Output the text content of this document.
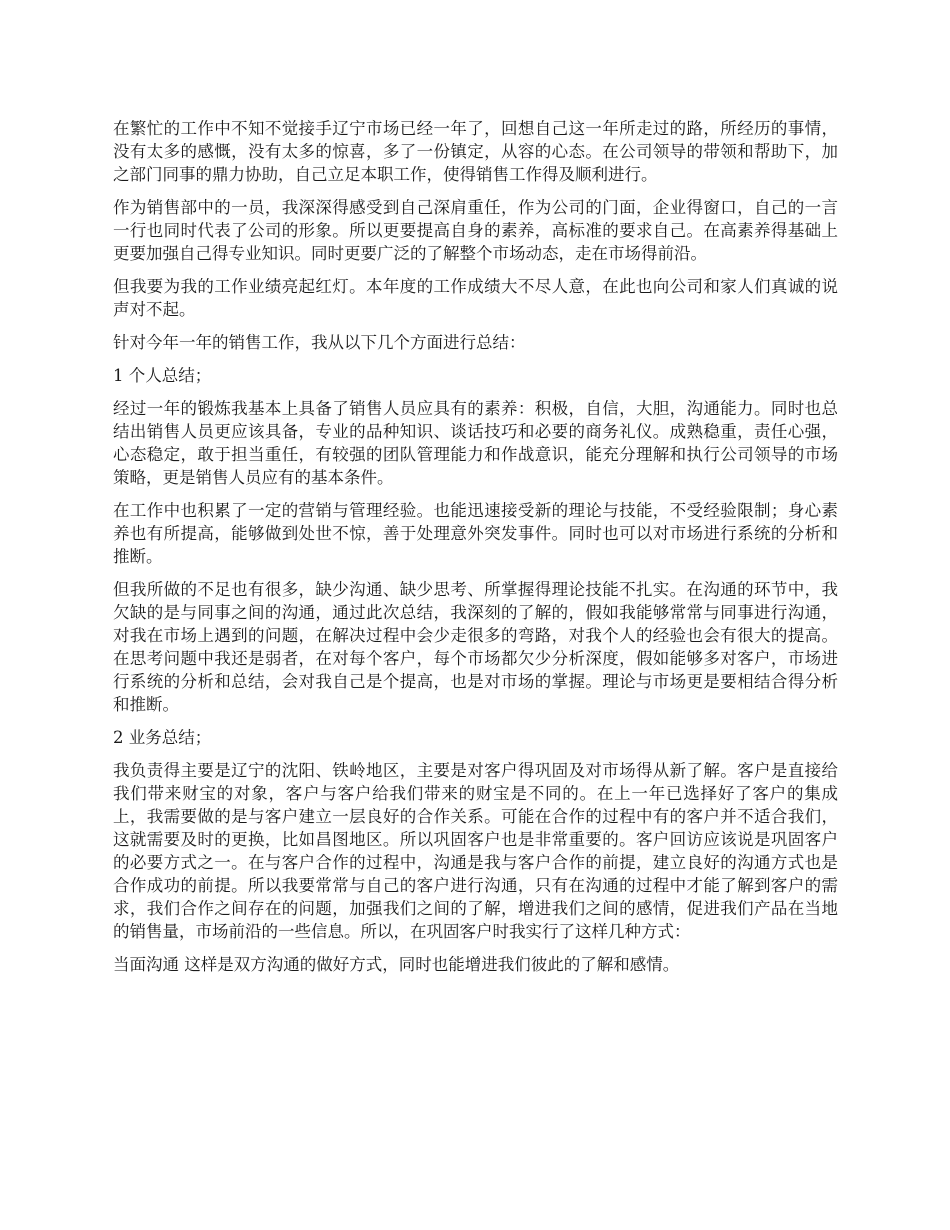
在繁忙的工作中不知不觉接手辽宁市场已经一年了，回想自己这一年所走过的路，所经历的事情，没有太多的感慨，没有太多的惊喜，多了一份镇定，从容的心态。在公司领导的带领和帮助下，加之部门同事的鼎力协助，自己立足本职工作，使得销售工作得及顺利进行。

作为销售部中的一员，我深深得感受到自己深肩重任，作为公司的门面，企业得窗口，自己的一言一行也同时代表了公司的形象。所以更要提高自身的素养，高标准的要求自己。在高素养得基础上更要加强自己得专业知识。同时更要广泛的了解整个市场动态，走在市场得前沿。

但我要为我的工作业绩亮起红灯。本年度的工作成绩大不尽人意，在此也向公司和家人们真诚的说声对不起。

针对今年一年的销售工作，我从以下几个方面进行总结：

1 个人总结；

经过一年的锻炼我基本上具备了销售人员应具有的素养：积极，自信，大胆，沟通能力。同时也总结出销售人员更应该具备，专业的品种知识、谈话技巧和必要的商务礼仪。成熟稳重，责任心强，心态稳定，敢于担当重任，有较强的团队管理能力和作战意识，能充分理解和执行公司领导的市场策略，更是销售人员应有的基本条件。

在工作中也积累了一定的营销与管理经验。也能迅速接受新的理论与技能，不受经验限制；身心素养也有所提高，能够做到处世不惊，善于处理意外突发事件。同时也可以对市场进行系统的分析和推断。

但我所做的不足也有很多，缺少沟通、缺少思考、所掌握得理论技能不扎实。在沟通的环节中，我欠缺的是与同事之间的沟通，通过此次总结，我深刻的了解的，假如我能够常常与同事进行沟通，对我在市场上遇到的问题，在解决过程中会少走很多的弯路，对我个人的经验也会有很大的提高。在思考问题中我还是弱者，在对每个客户，每个市场都欠少分析深度，假如能够多对客户，市场进行系统的分析和总结，会对我自己是个提高，也是对市场的掌握。理论与市场更是要相结合得分析和推断。

2 业务总结；

我负责得主要是辽宁的沈阳、铁岭地区，主要是对客户得巩固及对市场得从新了解。客户是直接给我们带来财宝的对象，客户与客户给我们带来的财宝是不同的。在上一年已选择好了客户的集成上，我需要做的是与客户建立一层良好的合作关系。可能在合作的过程中有的客户并不适合我们，这就需要及时的更换，比如昌图地区。所以巩固客户也是非常重要的。客户回访应该说是巩固客户的必要方式之一。在与客户合作的过程中，沟通是我与客户合作的前提，建立良好的沟通方式也是合作成功的前提。所以我要常常与自己的客户进行沟通，只有在沟通的过程中才能了解到客户的需求，我们合作之间存在的问题，加强我们之间的了解，增进我们之间的感情，促进我们产品在当地的销售量，市场前沿的一些信息。所以，在巩固客户时我实行了这样几种方式：

当面沟通 这样是双方沟通的做好方式，同时也能增进我们彼此的了解和感情。
